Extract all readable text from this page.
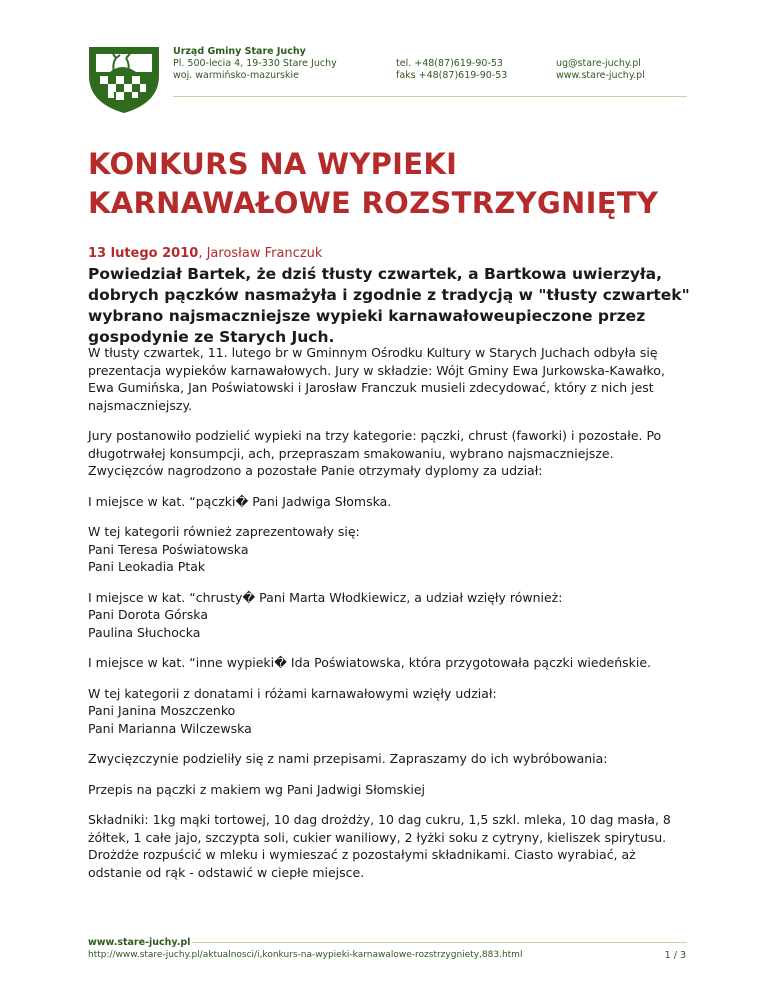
Urząd Gminy Stare Juchy
Pl. 500-lecia 4, 19-330 Stare Juchy
woj. warmińsko-mazurskie
tel. +48(87)619-90-53
faks +48(87)619-90-53
ug@stare-juchy.pl
www.stare-juchy.pl
KONKURS NA WYPIEKI
KARNAWAŁOWE ROZSTRZYGNIĘTY
13 lutego 2010, Jarosław Franczuk

Powiedział Bartek, że dziś tłusty czwartek, a Bartkowa uwierzyła, dobrych pączków nasmażyła i zgodnie z tradycją w "tłusty czwartek" wybrano najsmaczniejsze wypieki karnawałoweupieczone przez gospodynie ze Starych Juch.

W tłusty czwartek, 11. lutego br w Gminnym Ośrodku Kultury w Starych Juchach odbyła się prezentacja wypieków karnawałowych. Jury w składzie: Wójt Gminy Ewa Jurkowska-Kawałko, Ewa Gumińska, Jan Poświatowski i Jarosław Franczuk musieli zdecydować, który z nich jest najsmaczniejszy.

Jury postanowiło podzielić wypieki na trzy kategorie: pączki, chrust (faworki) i pozostałe. Po długotrwałej konsumpcji, ach, przepraszam smakowaniu, wybrano najsmaczniejsze. Zwycięzców nagrodzono a pozostałe Panie otrzymały dyplomy za udział:

I miejsce w kat. “pączki� Pani Jadwiga Słomska.

W tej kategorii również zaprezentowały się:
Pani Teresa Poświatowska
Pani Leokadia Ptak

I miejsce w kat. “chrusty� Pani Marta Włodkiewicz, a udział wzięły również:
Pani Dorota Górska
Paulina Słuchocka

I miejsce w kat. “inne wypieki� Ida Poświatowska, która przygotowała pączki wiedeńskie.

W tej kategorii z donatami i różami karnawałowymi wzięły udział:
Pani Janina Moszczenko
Pani Marianna Wilczewska

Zwycięzczynie podzieliły się z nami przepisami. Zapraszamy do ich wybróbowania:

Przepis na pączki z makiem wg Pani Jadwigi Słomskiej

Składniki: 1kg mąki tortowej, 10 dag drożdży, 10 dag cukru, 1,5 szkl. mleka, 10 dag masła, 8 żółtek, 1 całe jajo, szczypta soli, cukier waniliowy, 2 łyżki soku z cytryny, kieliszek spirytusu. Drożdże rozpuścić w mleku i wymieszać z pozostałymi składnikami. Ciasto wyrabiać, aż odstanie od rąk - odstawić w ciepłe miejsce.

www.stare-juchy.pl
http://www.stare-juchy.pl/aktualnosci/i,konkurs-na-wypieki-karnawalowe-rozstrzygniety,883.html	1 / 3
